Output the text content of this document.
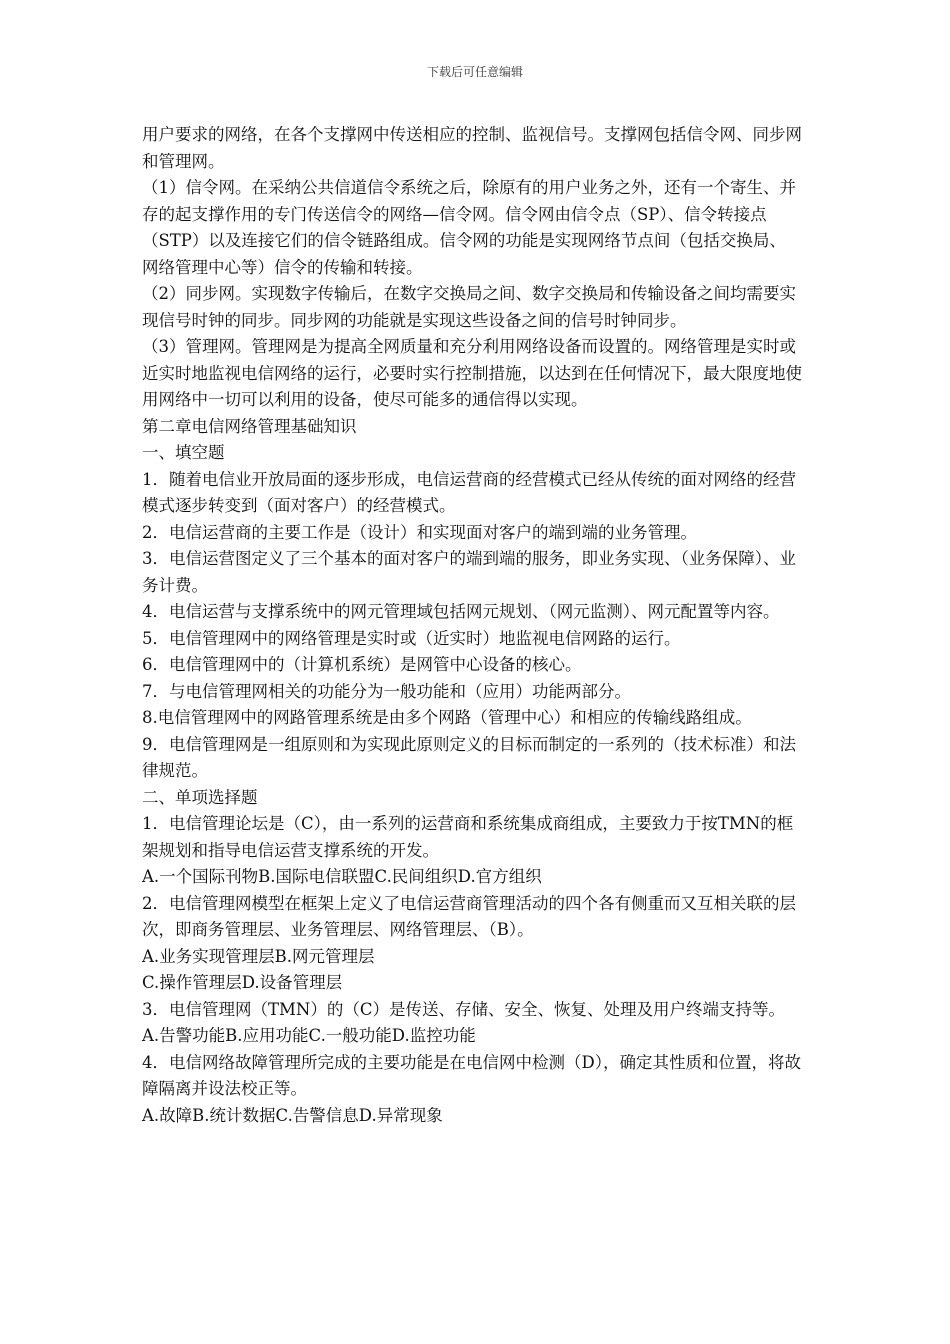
下载后可任意编辑

用户要求的网络，在各个支撑网中传送相应的控制、监视信号。支撑网包括信令网、同步网和管理网。

（1）信令网。在采纳公共信道信令系统之后，除原有的用户业务之外，还有一个寄生、并存的起支撑作用的专门传送信令的网络—信令网。信令网由信令点（SP）、信令转接点（STP）以及连接它们的信令链路组成。信令网的功能是实现网络节点间（包括交换局、网络管理中心等）信令的传输和转接。

（2）同步网。实现数字传输后，在数字交换局之间、数字交换局和传输设备之间均需要实现信号时钟的同步。同步网的功能就是实现这些设备之间的信号时钟同步。

（3）管理网。管理网是为提高全网质量和充分利用网络设备而设置的。网络管理是实时或近实时地监视电信网络的运行，必要时实行控制措施，以达到在任何情况下，最大限度地使用网络中一切可以利用的设备，使尽可能多的通信得以实现。

第二章电信网络管理基础知识

一、填空题

1．随着电信业开放局面的逐步形成，电信运营商的经营模式已经从传统的面对网络的经营模式逐步转变到（面对客户）的经营模式。

2．电信运营商的主要工作是（设计）和实现面对客户的端到端的业务管理。

3．电信运营图定义了三个基本的面对客户的端到端的服务，即业务实现、（业务保障）、业务计费。

4．电信运营与支撑系统中的网元管理域包括网元规划、（网元监测）、网元配置等内容。

5．电信管理网中的网络管理是实时或（近实时）地监视电信网路的运行。

6．电信管理网中的（计算机系统）是网管中心设备的核心。

7．与电信管理网相关的功能分为一般功能和（应用）功能两部分。

8.电信管理网中的网路管理系统是由多个网路（管理中心）和相应的传输线路组成。

9．电信管理网是一组原则和为实现此原则定义的目标而制定的一系列的（技术标准）和法律规范。

二、单项选择题

1．电信管理论坛是（C），由一系列的运营商和系统集成商组成，主要致力于按TMN的框架规划和指导电信运营支撑系统的开发。

A.一个国际刊物B.国际电信联盟C.民间组织D.官方组织

2．电信管理网模型在框架上定义了电信运营商管理活动的四个各有侧重而又互相关联的层次，即商务管理层、业务管理层、网络管理层、（B）。

A.业务实现管理层B.网元管理层

C.操作管理层D.设备管理层

3．电信管理网（TMN）的（C）是传送、存储、安全、恢复、处理及用户终端支持等。

A.告警功能B.应用功能C.一般功能D.监控功能

4．电信网络故障管理所完成的主要功能是在电信网中检测（D），确定其性质和位置，将故障隔离并设法校正等。

A.故障B.统计数据C.告警信息D.异常现象
